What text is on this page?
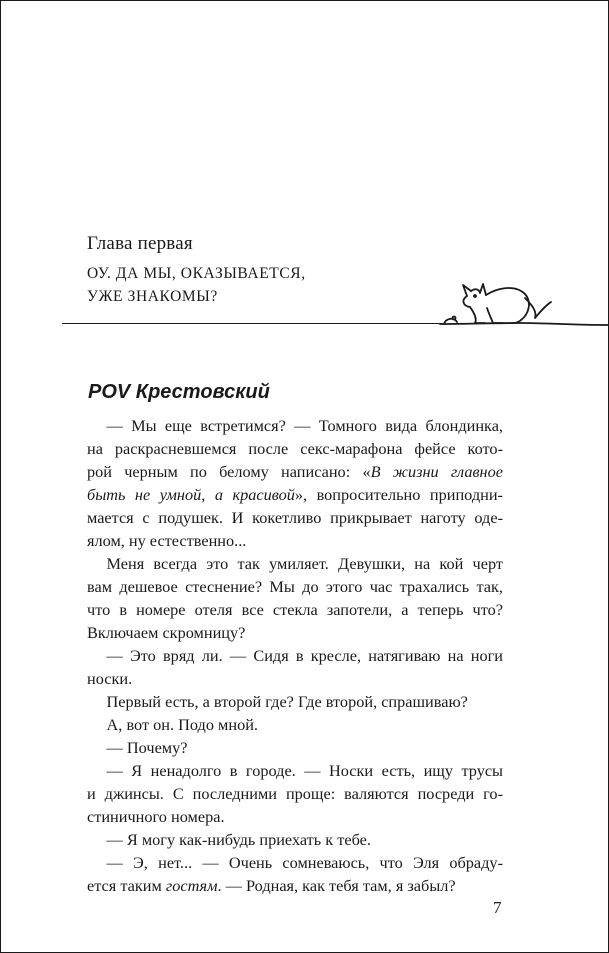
Глава первая
ОУ. ДА МЫ, ОКАЗЫВАЕТСЯ,
УЖЕ ЗНАКОМЫ?
POV Крестовский
— Мы еще встретимся? — Томного вида блондинка,
на раскрасневшемся после секс-марафона фейсе кото-
рой черным по белому написано: «В жизни главное
быть не умной, а красивой», вопросительно приподни-
мается с подушек. И кокетливо прикрывает наготу оде-
ялом, ну естественно...
Меня всегда это так умиляет. Девушки, на кой черт
вам дешевое стеснение? Мы до этого час трахались так,
что в номере отеля все стекла запотели, а теперь что?
Включаем скромницу?
— Это вряд ли. — Сидя в кресле, натягиваю на ноги
носки.
Первый есть, а второй где? Где второй, спрашиваю?
А, вот он. Подо мной.
— Почему?
— Я ненадолго в городе. — Носки есть, ищу трусы
и джинсы. С последними проще: валяются посреди го-
стиничного номера.
— Я могу как-нибудь приехать к тебе.
— Э, нет... — Очень сомневаюсь, что Эля обраду-
ется таким гостям. — Родная, как тебя там, я забыл?
7
